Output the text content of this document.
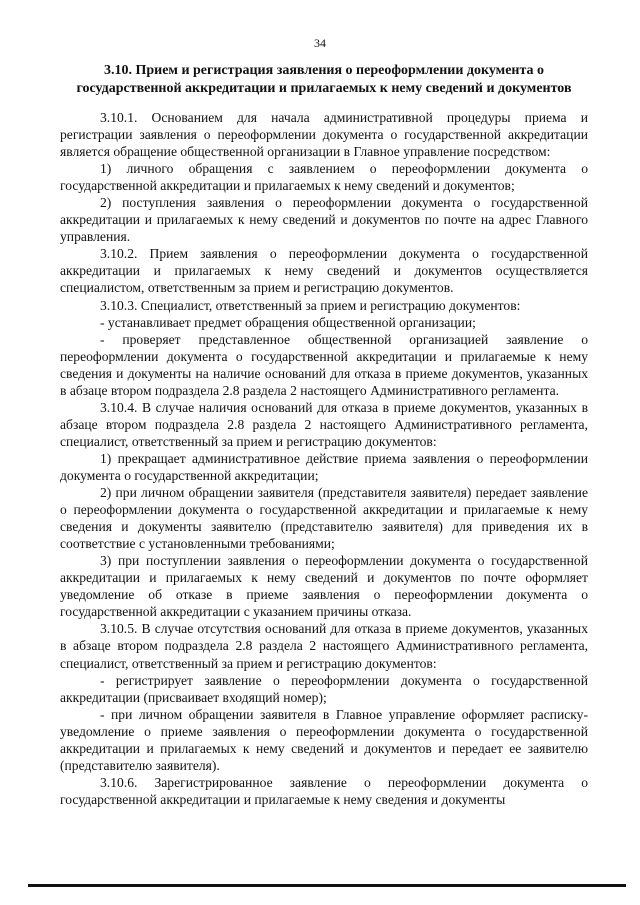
34
3.10. Прием и регистрация заявления о переоформлении документа о государственной аккредитации и прилагаемых к нему сведений и документов

3.10.1. Основанием для начала административной процедуры приема и регистрации заявления о переоформлении документа о государственной аккредитации является обращение общественной организации в Главное управление посредством:

1) личного обращения с заявлением о переоформлении документа о государственной аккредитации и прилагаемых к нему сведений и документов;

2) поступления заявления о переоформлении документа о государственной аккредитации и прилагаемых к нему сведений и документов по почте на адрес Главного управления.

3.10.2. Прием заявления о переоформлении документа о государственной аккредитации и прилагаемых к нему сведений и документов осуществляется специалистом, ответственным за прием и регистрацию документов.

3.10.3. Специалист, ответственный за прием и регистрацию документов:

- устанавливает предмет обращения общественной организации;

- проверяет представленное общественной организацией заявление о переоформлении документа о государственной аккредитации и прилагаемые к нему сведения и документы на наличие оснований для отказа в приеме документов, указанных в абзаце втором подраздела 2.8 раздела 2 настоящего Административного регламента.

3.10.4. В случае наличия оснований для отказа в приеме документов, указанных в абзаце втором подраздела 2.8 раздела 2 настоящего Административного регламента, специалист, ответственный за прием и регистрацию документов:

1) прекращает административное действие приема заявления о переоформлении документа о государственной аккредитации;

2) при личном обращении заявителя (представителя заявителя) передает заявление о переоформлении документа о государственной аккредитации и прилагаемые к нему сведения и документы заявителю (представителю заявителя) для приведения их в соответствие с установленными требованиями;

3) при поступлении заявления о переоформлении документа о государственной аккредитации и прилагаемых к нему сведений и документов по почте оформляет уведомление об отказе в приеме заявления о переоформлении документа о государственной аккредитации с указанием причины отказа.

3.10.5. В случае отсутствия оснований для отказа в приеме документов, указанных в абзаце втором подраздела 2.8 раздела 2 настоящего Административного регламента, специалист, ответственный за прием и регистрацию документов:

- регистрирует заявление о переоформлении документа о государственной аккредитации (присваивает входящий номер);

- при личном обращении заявителя в Главное управление оформляет расписку-уведомление о приеме заявления о переоформлении документа о государственной аккредитации и прилагаемых к нему сведений и документов и передает ее заявителю (представителю заявителя).

3.10.6. Зарегистрированное заявление о переоформлении документа о государственной аккредитации и прилагаемые к нему сведения и документы
